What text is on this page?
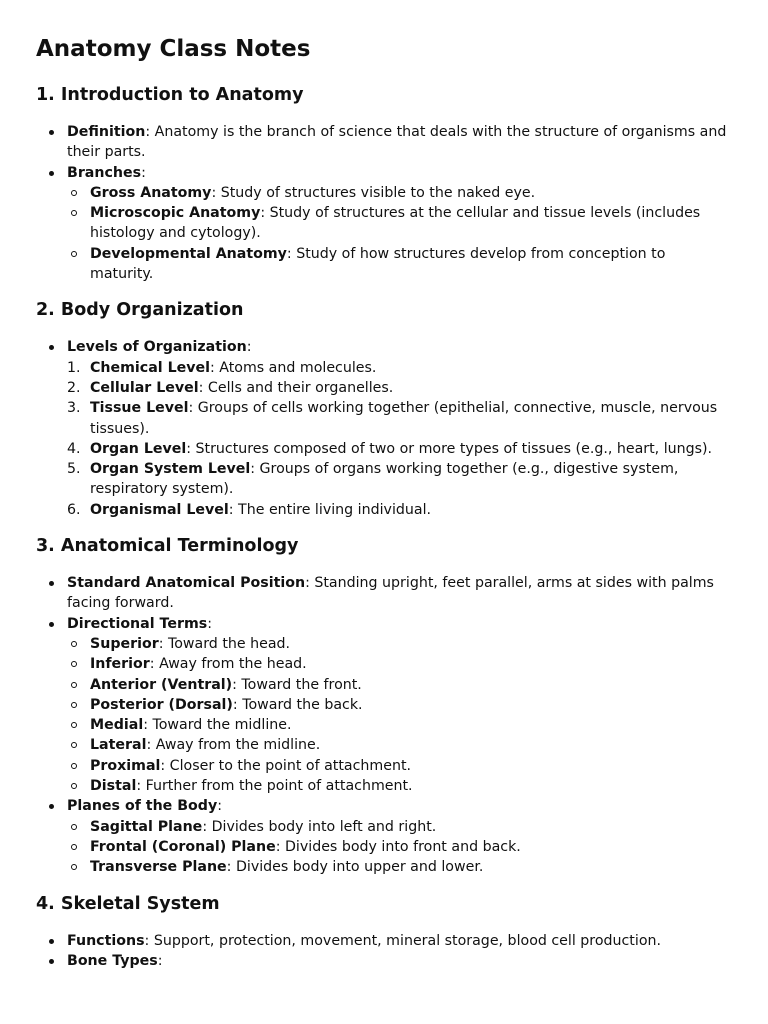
Anatomy Class Notes
1. Introduction to Anatomy
Definition: Anatomy is the branch of science that deals with the structure of organisms and their parts.
Branches:
Gross Anatomy: Study of structures visible to the naked eye.
Microscopic Anatomy: Study of structures at the cellular and tissue levels (includes histology and cytology).
Developmental Anatomy: Study of how structures develop from conception to maturity.
2. Body Organization
Levels of Organization:
1. Chemical Level: Atoms and molecules.
2. Cellular Level: Cells and their organelles.
3. Tissue Level: Groups of cells working together (epithelial, connective, muscle, nervous tissues).
4. Organ Level: Structures composed of two or more types of tissues (e.g., heart, lungs).
5. Organ System Level: Groups of organs working together (e.g., digestive system, respiratory system).
6. Organismal Level: The entire living individual.
3. Anatomical Terminology
Standard Anatomical Position: Standing upright, feet parallel, arms at sides with palms facing forward.
Directional Terms:
Superior: Toward the head.
Inferior: Away from the head.
Anterior (Ventral): Toward the front.
Posterior (Dorsal): Toward the back.
Medial: Toward the midline.
Lateral: Away from the midline.
Proximal: Closer to the point of attachment.
Distal: Further from the point of attachment.
Planes of the Body:
Sagittal Plane: Divides body into left and right.
Frontal (Coronal) Plane: Divides body into front and back.
Transverse Plane: Divides body into upper and lower.
4. Skeletal System
Functions: Support, protection, movement, mineral storage, blood cell production.
Bone Types:
